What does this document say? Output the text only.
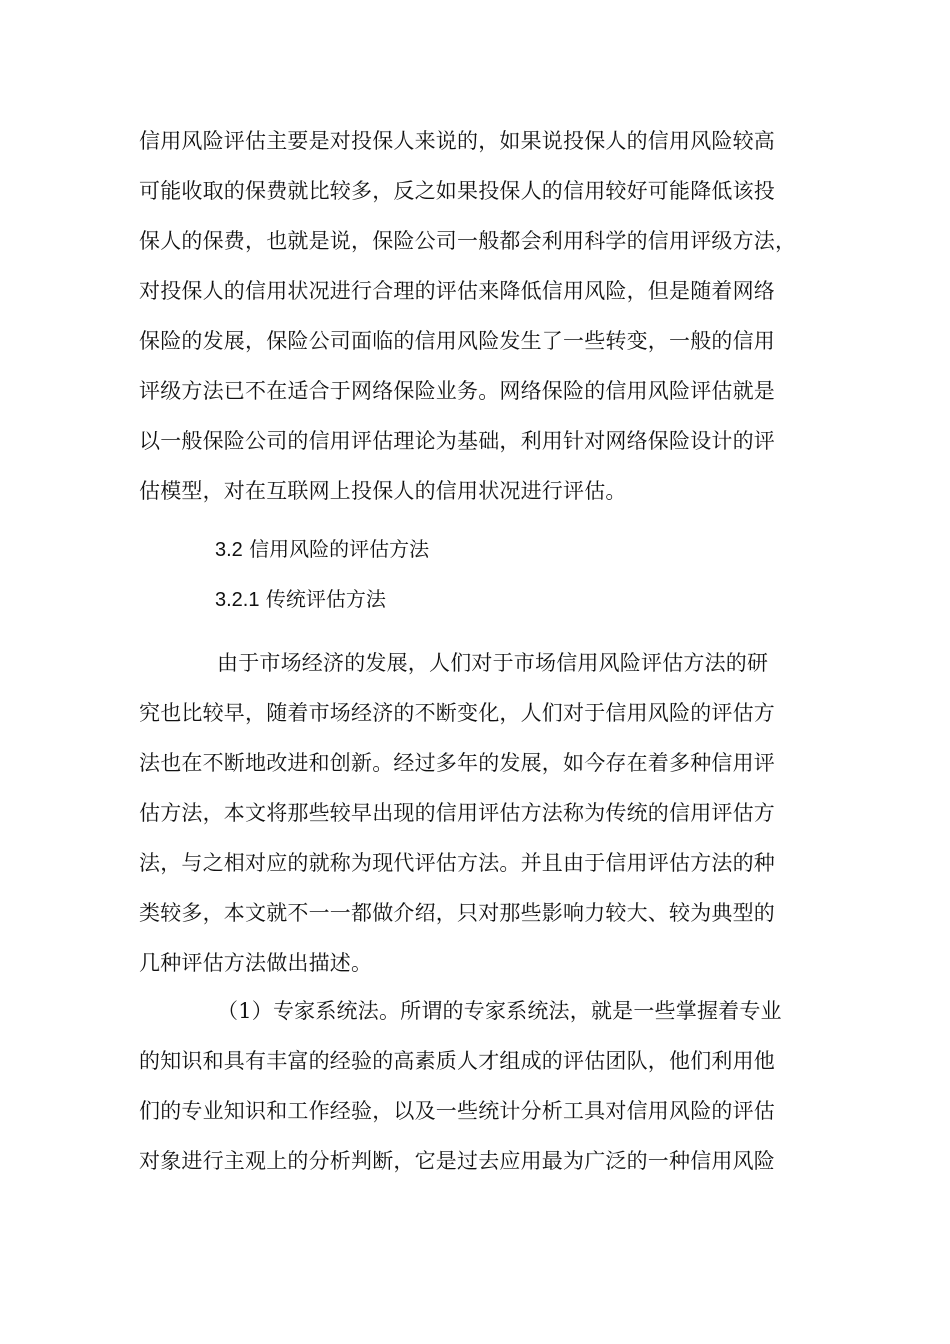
信用风险评估主要是对投保人来说的，如果说投保人的信用风险较高
可能收取的保费就比较多，反之如果投保人的信用较好可能降低该投
保人的保费，也就是说，保险公司一般都会利用科学的信用评级方法，
对投保人的信用状况进行合理的评估来降低信用风险，但是随着网络
保险的发展，保险公司面临的信用风险发生了一些转变，一般的信用
评级方法已不在适合于网络保险业务。网络保险的信用风险评估就是
以一般保险公司的信用评估理论为基础，利用针对网络保险设计的评
估模型，对在互联网上投保人的信用状况进行评估。
3.2 信用风险的评估方法
3.2.1 传统评估方法
由于市场经济的发展，人们对于市场信用风险评估方法的研
究也比较早，随着市场经济的不断变化，人们对于信用风险的评估方
法也在不断地改进和创新。经过多年的发展，如今存在着多种信用评
估方法，本文将那些较早出现的信用评估方法称为传统的信用评估方
法，与之相对应的就称为现代评估方法。并且由于信用评估方法的种
类较多，本文就不一一都做介绍，只对那些影响力较大、较为典型的
几种评估方法做出描述。
（1）专家系统法。所谓的专家系统法，就是一些掌握着专业
的知识和具有丰富的经验的高素质人才组成的评估团队，他们利用他
们的专业知识和工作经验，以及一些统计分析工具对信用风险的评估
对象进行主观上的分析判断，它是过去应用最为广泛的一种信用风险
